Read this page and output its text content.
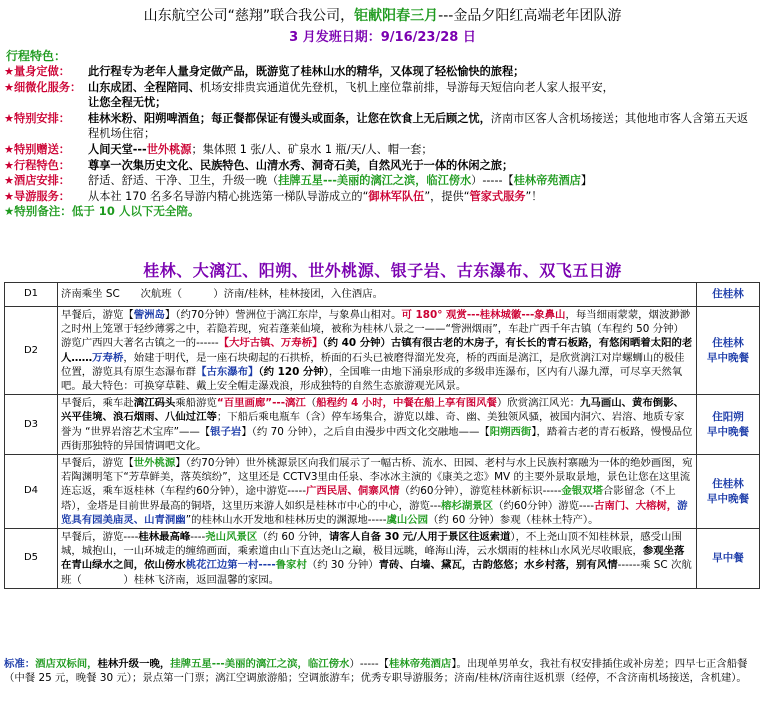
山东航空公司“慈翔”联合我公司，钜献阳春三月---金品夕阳红高端老年团队游
3 月发班日期：9/16/23/28 日
行程特色：
★量身定做： 此行程专为老年人量身定做产品，既游览了桂林山水的精华，又体现了轻松愉快的旅程；
★细微化服务： 山东成团、全程陪同、机场安排贵宾通道优先登机，飞机上座位靠前排，导游每天短信向老人家人报平安，
让您全程无忧；
★特别安排： 桂林米粉、阳朔啤酒鱼；每正餐都保证有馒头或面条，让您在饮食上无后顾之忧，济南市区客人含机场接送；其他地市客人含第五天返程机场住宿；
★特别赠送： 人间天堂---世外桃源；集体照 1 张/人、矿泉水 1 瓶/天/人、帽一套；
★行程特色： 尊享一次集历史文化、民族特色、山清水秀、洞奇石美，自然风光于一体的休闲之旅；
★酒店安排： 舒适、舒适、干净、卫生，升级一晚（挂牌五星---美丽的漓江之滨，临江傍水）-----【桂林帝苑酒店】
★导游服务： 从本社 170 名多名导游内精心挑选第一梯队导游成立的“御林军队伍”，提供“管家式服务”！
★特别备注：低于 10 人以下无全陪。
桂林、大漓江、阳朔、世外桃源、银子岩、古东瀑布、双飞五日游
D1	济南乘坐 SC　　次航班（　　　）济南/桂林，桂林接团，入住酒店。	住桂林

D2	早餐后，游览【訾洲岛】（约70分钟）訾洲位于漓江东岸，与象鼻山相对。可 180° 观赏---桂林城徽---象鼻山，每当细雨蒙蒙，烟波渺渺之时州上笼罩于轻纱薄雾之中，若隐若现，宛若蓬莱仙境，被称为桂林八景之一——“訾洲烟雨”，车赴广西千年古镇（车程约 50 分钟）游览广西四大著名古镇之一的------【大圩古镇、万寿桥】（约 40 分钟）古镇有很古老的木房子，有长长的青石板路，有悠闲晒着太阳的老人……万寿桥，始建于明代，是一座石块砌起的石拱桥，桥面的石头已被磨得溜光发亮，桥的西面是漓江，是欣赏漓江对岸螺蛳山的极佳位置，游览具有原生态瀑布群【古东瀑布】（约 120 分钟），全国唯一由地下涌泉形成的多级串连瀑布，区内有八瀑九潭，可尽享天然氧吧。最大特色：可换穿草鞋、戴上安全帽走瀑戏浪，形成独特的自然生态旅游观光风景。	住桂林
早中晚餐

D3	早餐后，乘车赴漓江码头乘船游览“百里画廊”---漓江（船程约 4 小时，中餐在船上享有图风餐）欣赏漓江风光：九马画山、黄布倒影、兴平佳境、浪石烟雨、八仙过江等；下船后乘电瓶车（含）停车场集合，游览以雄、奇、幽、美独领风骚，被国内洞穴、岩溶、地质专家誉为 “世界岩溶艺术宝库”——【银子岩】（约 70 分钟），之后自由漫步中西文化交融地——【阳朔西街】，踏着古老的青石板路，慢慢品位西街那独特的异国情调吧文化。	住阳朔
早中晚餐

D4	早餐后，游览【世外桃源】（约70分钟）世外桃源景区向我们展示了一幅古桥、流水、田园、老村与水上民族村寨融为一体的绝妙画图，宛若陶渊明笔下“芳草鲜美，落英缤纷”，这里还是 CCTV3里由任泉、李冰冰主演的《康美之恋》MV 的主要外景取景地，景色让您在这里流连忘返，乘车返桂林（车程约60分钟），途中游览-----广西民居、侗寨风情（约60分钟），游览桂林新标识-----金银双塔合影留念（不上塔），金塔是目前世界最高的铜塔，这里历来游人如织是桂林市中心的中心，游览---榕杉湖景区（约60分钟）游览----古南门、大榕树，游览具有园美庙灵、山青洞幽”的桂林山水开发地和桂林历史的渊源地-----虞山公园（约 60 分钟）参观（桂林土特产）。	住桂林
早中晚餐

D5	早餐后，游览----桂林最高峰----尧山风景区（约 60 分钟，请客人自备 30 元/人用于景区往返索道），不上尧山顶不知桂林景，感受山围城，城抱山，一山环城走的缠绵画面，乘索道由山下直达尧山之巅，极目远眺，峰海山涛，云水烟雨的桂林山水风光尽收眼底，参观坐落在青山绿水之间，依山傍水桃花江边第一村----鲁家村（约 30 分钟）青砖、白墙、黛瓦，古韵悠悠；水乡村落，别有风情------乘 SC 次航班（　　　　）桂林飞济南，返回温馨的家园。	早中餐
标准：酒店双标间，桂林升级一晚，挂牌五星---美丽的漓江之滨，临江傍水）-----【桂林帝苑酒店】。出现单男单女，我社有权安排插住或补房差；四早七正含船餐（中餐 25 元，晚餐 30 元）；景点第一门票；漓江空调旅游船；空调旅游车；优秀专职导游服务；济南/桂林/济南往返机票（经停，不含济南机场接送，含机建）。
